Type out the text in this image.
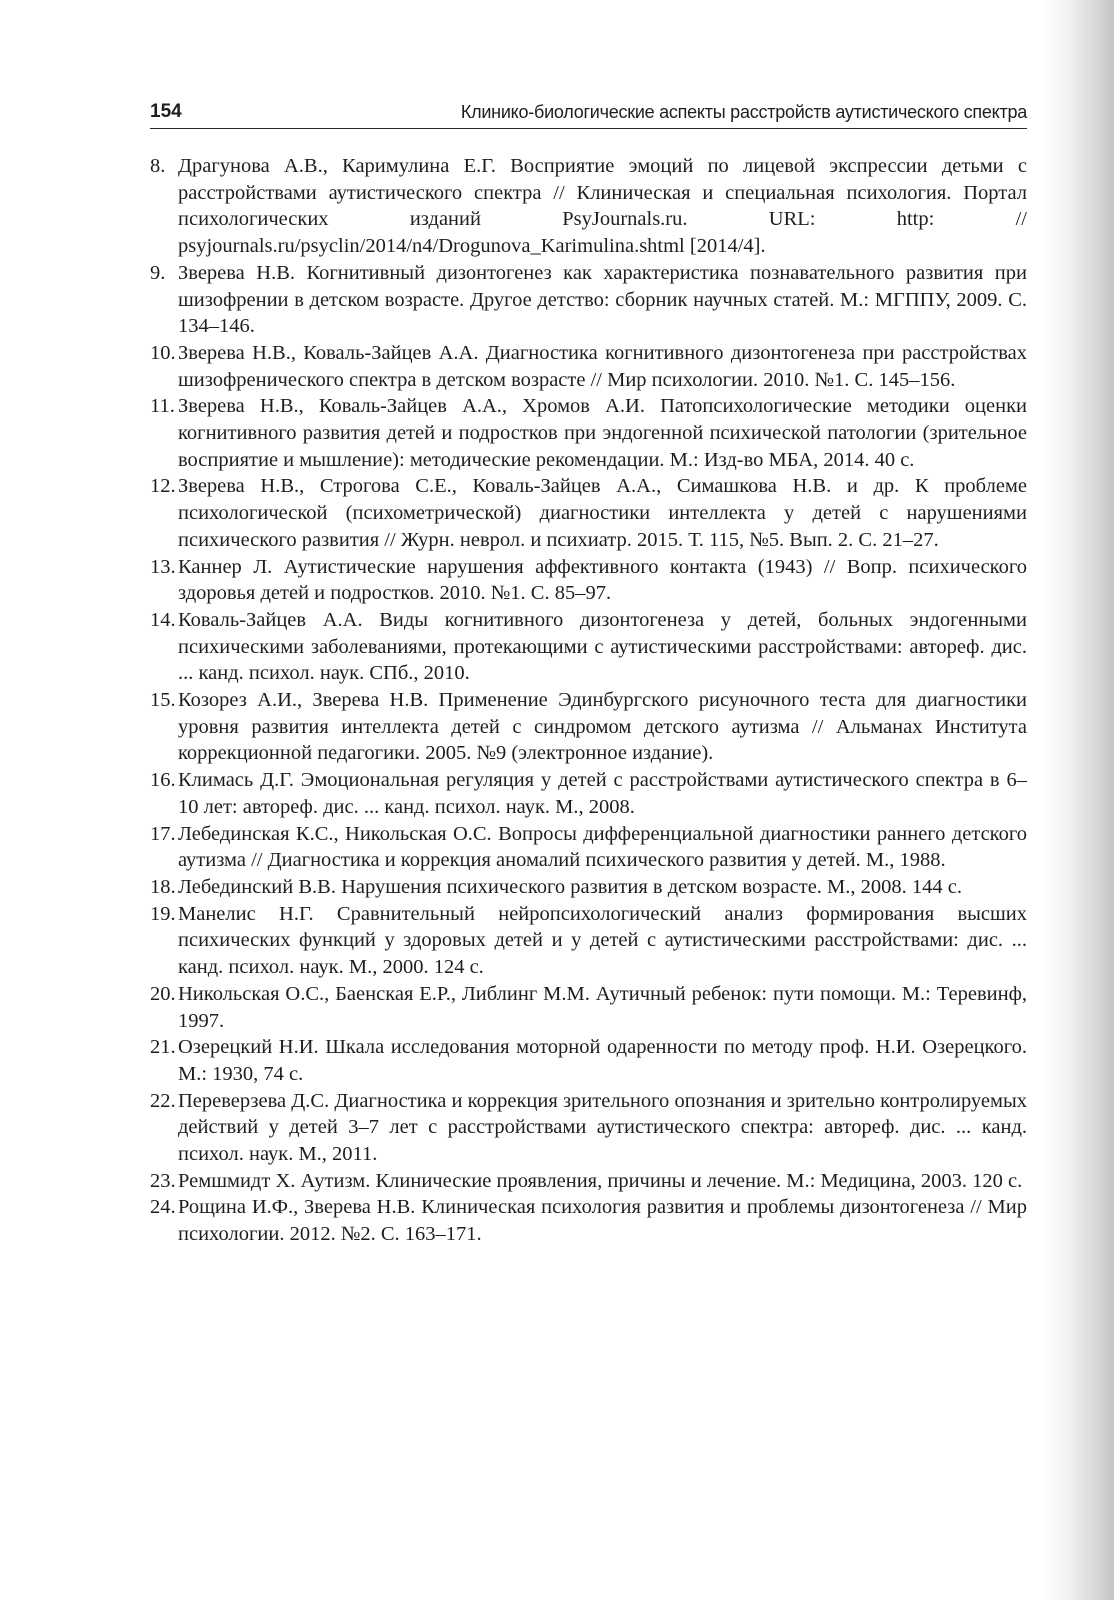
154	Клинико-биологические аспекты расстройств аутистического спектра
8. Драгунова А.В., Каримулина Е.Г. Восприятие эмоций по лицевой экспрессии детьми с расстройствами аутистического спектра // Клиническая и специальная психология. Портал психологических изданий PsyJournals.ru. URL: http: // psyjournals.ru/psyclin/2014/n4/Drogunova_Karimulina.shtml [2014/4].
9. Зверева Н.В. Когнитивный дизонтогенез как характеристика познавательного развития при шизофрении в детском возрасте. Другое детство: сборник научных статей. М.: МГППУ, 2009. С. 134–146.
10. Зверева Н.В., Коваль-Зайцев А.А. Диагностика когнитивного дизонтогенеза при расстройствах шизофренического спектра в детском возрасте // Мир психологии. 2010. №1. С. 145–156.
11. Зверева Н.В., Коваль-Зайцев А.А., Хромов А.И. Патопсихологические методики оценки когнитивного развития детей и подростков при эндогенной психической патологии (зрительное восприятие и мышление): методические рекомендации. М.: Изд-во МБА, 2014. 40 с.
12. Зверева Н.В., Строгова С.Е., Коваль-Зайцев А.А., Симашкова Н.В. и др. К проблеме психологической (психометрической) диагностики интеллекта у детей с нарушениями психического развития // Журн. неврол. и психиатр. 2015. Т. 115, №5. Вып. 2. С. 21–27.
13. Каннер Л. Аутистические нарушения аффективного контакта (1943) // Вопр. психического здоровья детей и подростков. 2010. №1. С. 85–97.
14. Коваль-Зайцев А.А. Виды когнитивного дизонтогенеза у детей, больных эндогенными психическими заболеваниями, протекающими с аутистическими расстройствами: автореф. дис. ... канд. психол. наук. СПб., 2010.
15. Козорез А.И., Зверева Н.В. Применение Эдинбургского рисуночного теста для диагностики уровня развития интеллекта детей с синдромом детского аутизма // Альманах Института коррекционной педагогики. 2005. №9 (электронное издание).
16. Климась Д.Г. Эмоциональная регуляция у детей с расстройствами аутистического спектра в 6–10 лет: автореф. дис. ... канд. психол. наук. М., 2008.
17. Лебединская К.С., Никольская О.С. Вопросы дифференциальной диагностики раннего детского аутизма // Диагностика и коррекция аномалий психического развития у детей. М., 1988.
18. Лебединский В.В. Нарушения психического развития в детском возрасте. М., 2008. 144 с.
19. Манелис Н.Г. Сравнительный нейропсихологический анализ формирования высших психических функций у здоровых детей и у детей с аутистическими расстройствами: дис. ... канд. психол. наук. М., 2000. 124 с.
20. Никольская О.С., Баенская Е.Р., Либлинг М.М. Аутичный ребенок: пути помощи. М.: Теревинф, 1997.
21. Озерецкий Н.И. Шкала исследования моторной одаренности по методу проф. Н.И. Озерецкого. М.: 1930, 74 с.
22. Переверзева Д.С. Диагностика и коррекция зрительного опознания и зрительно контролируемых действий у детей 3–7 лет с расстройствами аутистического спектра: автореф. дис. ... канд. психол. наук. М., 2011.
23. Ремшмидт Х. Аутизм. Клинические проявления, причины и лечение. М.: Медицина, 2003. 120 с.
24. Рощина И.Ф., Зверева Н.В. Клиническая психология развития и проблемы дизонтогенеза // Мир психологии. 2012. №2. С. 163–171.
